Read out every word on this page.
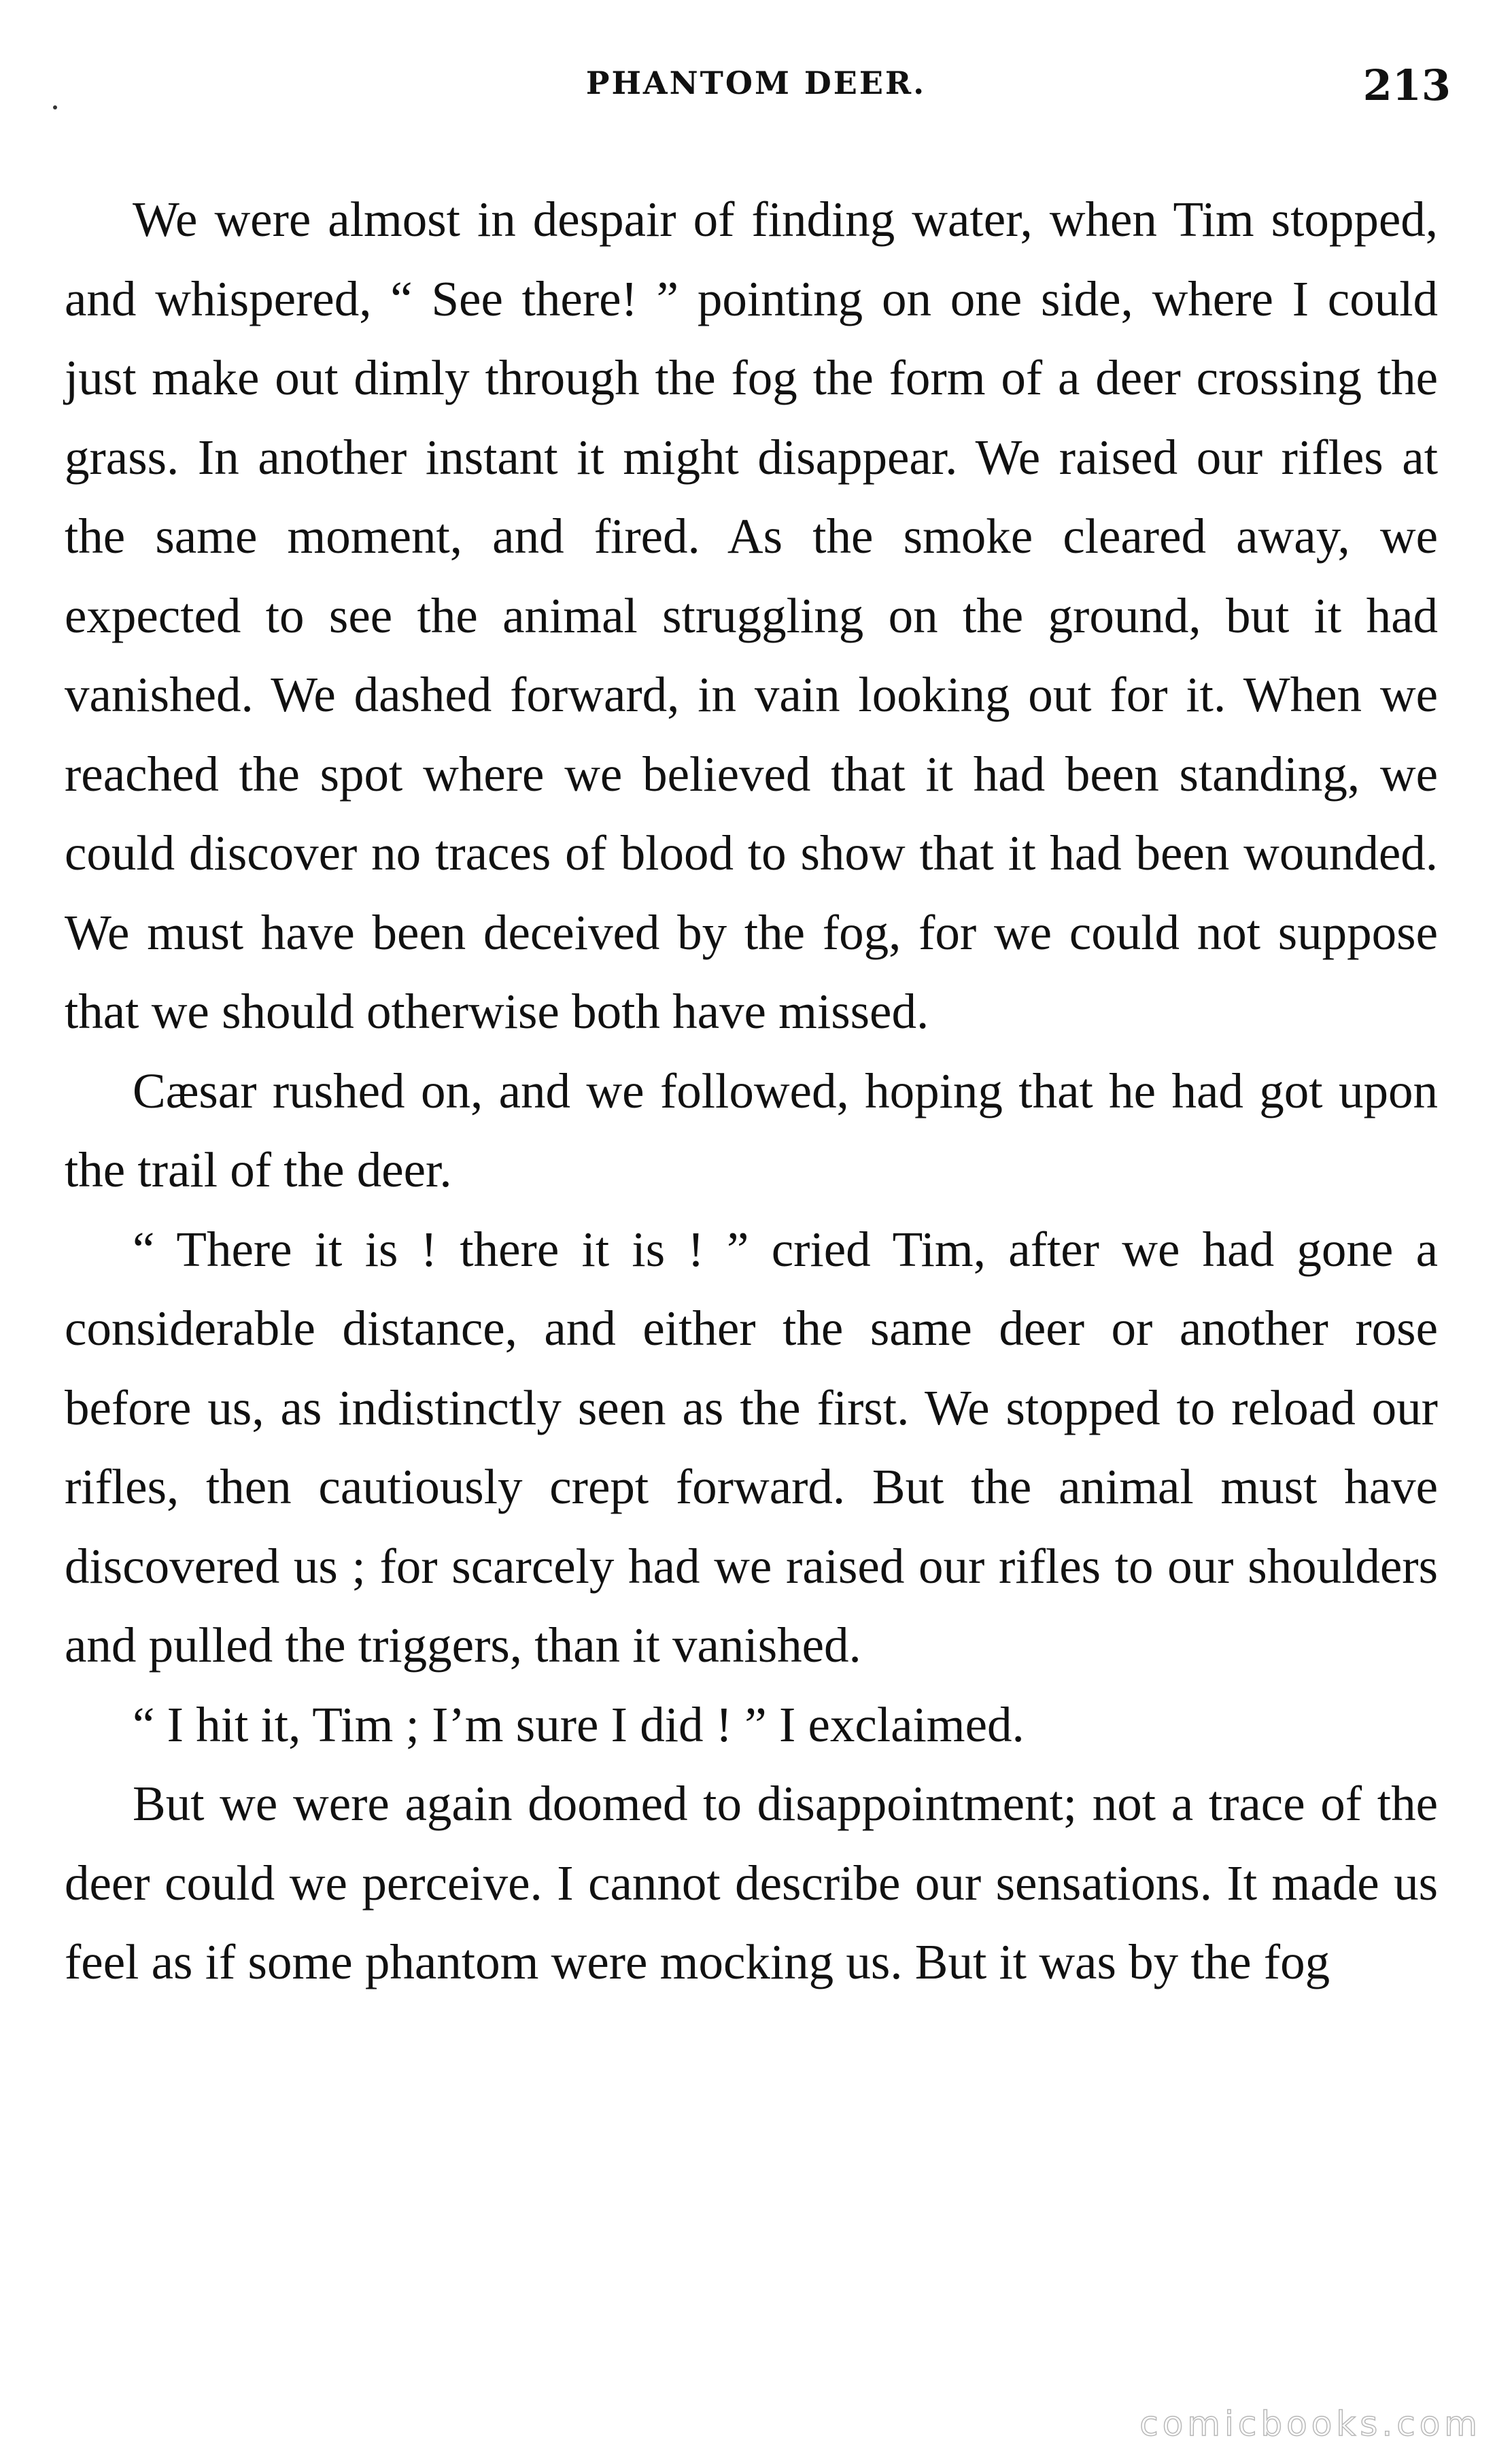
PHANTOM DEER.	213

We were almost in despair of finding water, when Tim stopped, and whispered, “ See there! ” pointing on one side, where I could just make out dimly through the fog the form of a deer crossing the grass. In another instant it might disappear. We raised our rifles at the same moment, and fired. As the smoke cleared away, we expected to see the animal struggling on the ground, but it had vanished. We dashed forward, in vain looking out for it. When we reached the spot where we believed that it had been standing, we could discover no traces of blood to show that it had been wounded. We must have been deceived by the fog, for we could not suppose that we should otherwise both have missed.

Cæsar rushed on, and we followed, hoping that he had got upon the trail of the deer.

“ There it is ! there it is ! ” cried Tim, after we had gone a considerable distance, and either the same deer or another rose before us, as indistinctly seen as the first. We stopped to reload our rifles, then cautiously crept forward. But the animal must have discovered us ; for scarcely had we raised our rifles to our shoulders and pulled the triggers, than it vanished.

“ I hit it, Tim ; I’m sure I did ! ” I exclaimed.

But we were again doomed to disappointment; not a trace of the deer could we perceive. I cannot describe our sensations. It made us feel as if some phantom were mocking us. But it was by the fog

comicbooks.com
